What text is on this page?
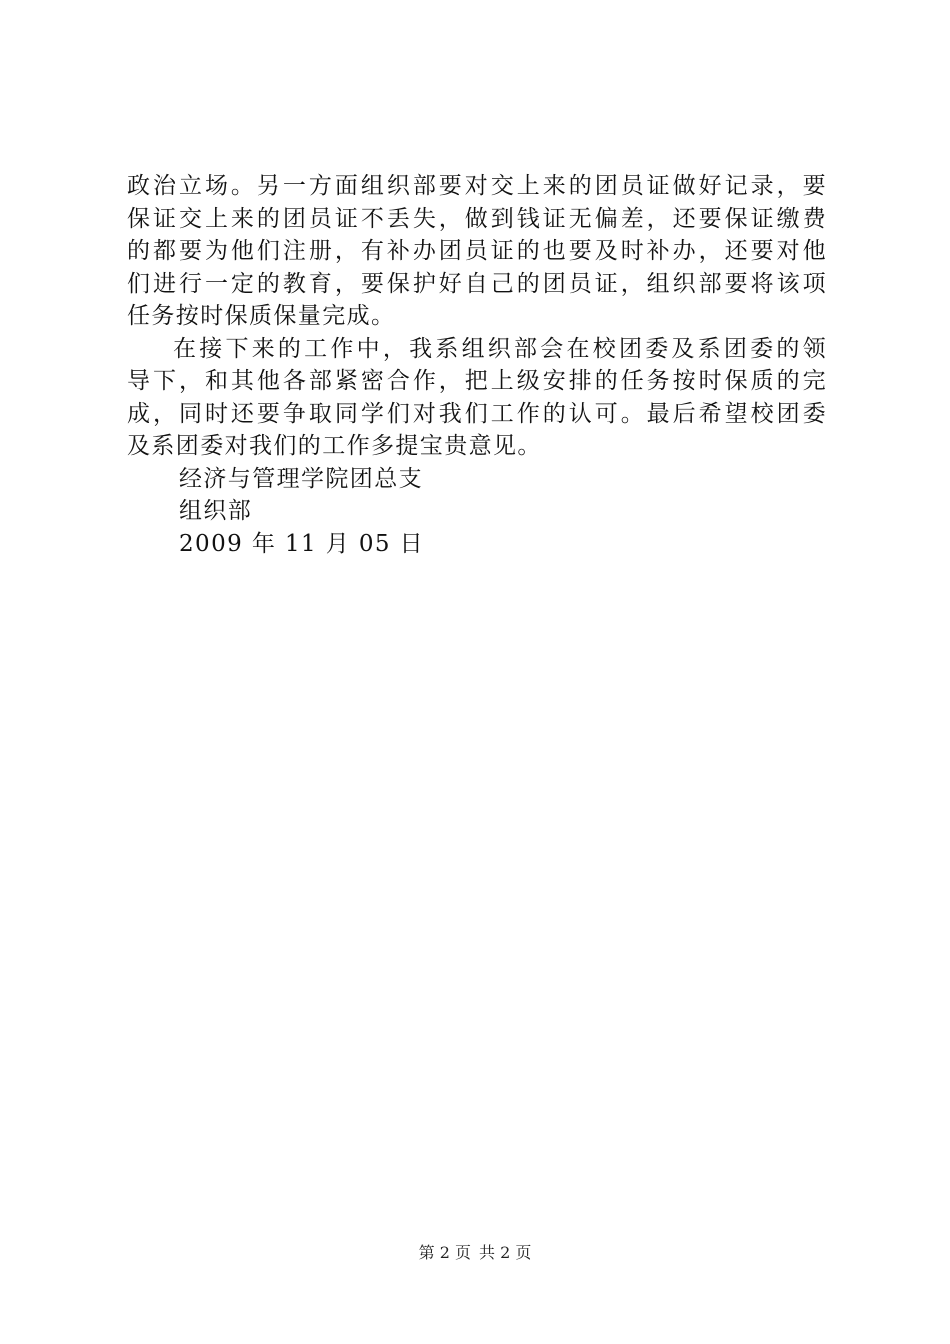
政治立场。另一方面组织部要对交上来的团员证做好记录，要
保证交上来的团员证不丢失，做到钱证无偏差，还要保证缴费
的都要为他们注册，有补办团员证的也要及时补办，还要对他
们进行一定的教育，要保护好自己的团员证，组织部要将该项
任务按时保质保量完成。
在接下来的工作中，我系组织部会在校团委及系团委的领
导下，和其他各部紧密合作，把上级安排的任务按时保质的完
成，同时还要争取同学们对我们工作的认可。最后希望校团委
及系团委对我们的工作多提宝贵意见。
经济与管理学院团总支
组织部
2009 年 11 月 05 日
第 2 页 共 2 页
